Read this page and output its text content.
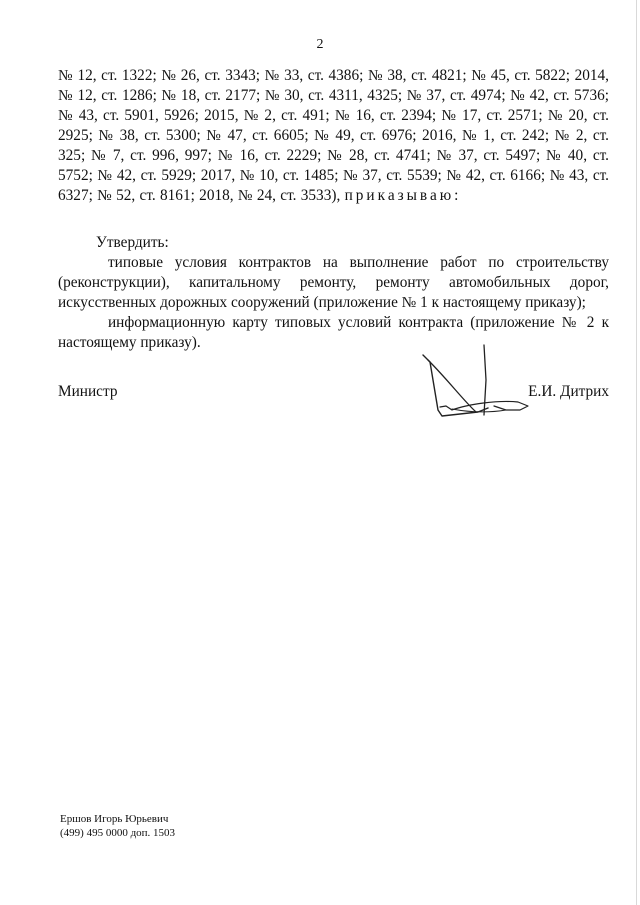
2
№ 12, ст. 1322; № 26, ст. 3343; № 33, ст. 4386; № 38, ст. 4821; № 45, ст. 5822; 2014, № 12, ст. 1286; № 18, ст. 2177; № 30, ст. 4311, 4325; № 37, ст. 4974; № 42, ст. 5736; № 43, ст. 5901, 5926; 2015, № 2, ст. 491; № 16, ст. 2394; № 17, ст. 2571; № 20, ст. 2925; № 38, ст. 5300; № 47, ст. 6605; № 49, ст. 6976; 2016, № 1, ст. 242; № 2, ст. 325; № 7, ст. 996, 997; № 16, ст. 2229; № 28, ст. 4741; № 37, ст. 5497; № 40, ст. 5752; № 42, ст. 5929; 2017, № 10, ст. 1485; № 37, ст. 5539; № 42, ст. 6166; № 43, ст. 6327; № 52, ст. 8161; 2018, № 24, ст. 3533), приказываю:

Утвердить:

типовые условия контрактов на выполнение работ по строительству (реконструкции), капитальному ремонту, ремонту автомобильных дорог, искусственных дорожных сооружений (приложение № 1 к настоящему приказу);

информационную карту типовых условий контракта (приложение № 2 к настоящему приказу).

Министр	Е.И. Дитрих
Ершов Игорь Юрьевич
(499) 495 0000 доп. 1503
